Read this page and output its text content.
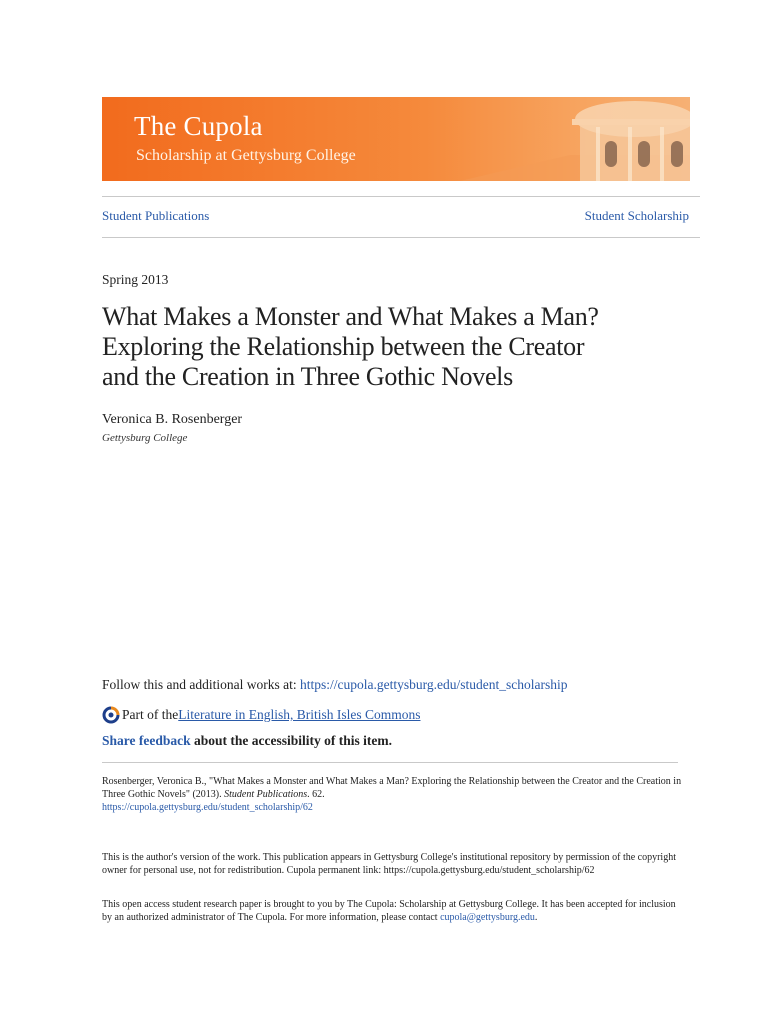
The Cupola
Scholarship at Gettysburg College
Student Publications	Student Scholarship
Spring 2013
What Makes a Monster and What Makes a Man?
Exploring the Relationship between the Creator
and the Creation in Three Gothic Novels
Veronica B. Rosenberger
Gettysburg College
Follow this and additional works at: https://cupola.gettysburg.edu/student_scholarship
Part of the Literature in English, British Isles Commons
Share feedback about the accessibility of this item.
Rosenberger, Veronica B., "What Makes a Monster and What Makes a Man? Exploring the Relationship between the Creator and the Creation in Three Gothic Novels" (2013). Student Publications. 62.
https://cupola.gettysburg.edu/student_scholarship/62
This is the author's version of the work. This publication appears in Gettysburg College's institutional repository by permission of the copyright owner for personal use, not for redistribution. Cupola permanent link: https://cupola.gettysburg.edu/student_scholarship/62
This open access student research paper is brought to you by The Cupola: Scholarship at Gettysburg College. It has been accepted for inclusion by an authorized administrator of The Cupola. For more information, please contact cupola@gettysburg.edu.
